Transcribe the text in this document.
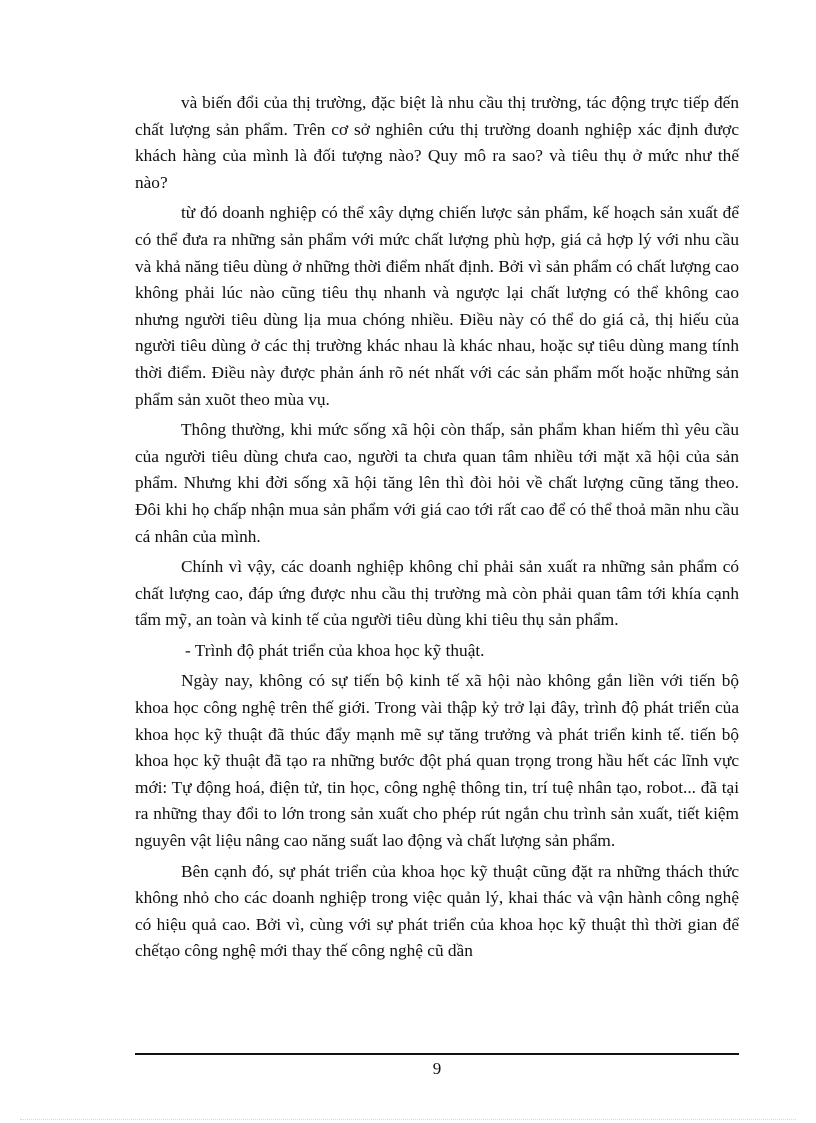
và biến đổi của thị trường, đặc biệt là nhu cầu thị trường, tác động trực tiếp đến chất lượng sản phẩm. Trên cơ sở nghiên cứu thị trường doanh nghiệp xác định được khách hàng của mình là đối tượng nào? Quy mô ra sao? và tiêu thụ ở mức như thế nào?

từ đó doanh nghiệp có thể xây dựng chiến lược sản phẩm, kế hoạch sản xuất để có thể đưa ra những sản phẩm với mức chất lượng phù hợp, giá cả hợp lý với nhu cầu và khả năng tiêu dùng ở những thời điểm nhất định. Bởi vì sản phẩm có chất lượng cao không phải lúc nào cũng tiêu thụ nhanh và ngược lại chất lượng có thể không cao nhưng người tiêu dùng lịa mua chóng nhiều. Điều này có thể do giá cả, thị hiếu của người tiêu dùng ở các thị trường khác nhau là khác nhau, hoặc sự tiêu dùng mang tính thời điểm. Điều này được phản ánh rõ nét nhất với các sản phẩm mốt hoặc những sản phẩm sản xuõt theo mùa vụ.

Thông thường, khi mức sống xã hội còn thấp, sản phẩm khan hiếm thì yêu cầu của người tiêu dùng chưa cao, người ta chưa quan tâm nhiều tới mặt xã hội của sản phẩm. Nhưng khi đời sống xã hội tăng lên thì đòi hỏi về chất lượng cũng tăng theo. Đôi khi họ chấp nhận mua sản phẩm với giá cao tới rất cao để có thể thoả mãn nhu cầu cá nhân của mình.

Chính vì vậy, các doanh nghiệp không chỉ phải sản xuất ra những sản phẩm có chất lượng cao, đáp ứng được nhu cầu thị trường mà còn phải quan tâm tới khía cạnh tẩm mỹ, an toàn và kinh tế của người tiêu dùng khi tiêu thụ sản phẩm.

- Trình độ phát triển của khoa học kỹ thuật.

Ngày nay, không có sự tiến bộ kinh tế xã hội nào không gắn liền với tiến bộ khoa học công nghệ trên thế giới. Trong vài thập kỷ trở lại đây, trình độ phát triển của khoa học kỹ thuật đã thúc đẩy mạnh mẽ sự tăng trưởng và phát triển kinh tế. tiến bộ khoa học kỹ thuật đã tạo ra những bước đột phá quan trọng trong hầu hết các lĩnh vực mới: Tự động hoá, điện tử, tin học, công nghệ thông tin, trí tuệ nhân tạo, robot... đã tại ra những thay đổi to lớn trong sản xuất cho phép rút ngắn chu trình sản xuất, tiết kiệm nguyên vật liệu nâng cao năng suất lao động và chất lượng sản phẩm.

Bên cạnh đó, sự phát triển của khoa học kỹ thuật cũng đặt ra những thách thức không nhỏ cho các doanh nghiệp trong việc quản lý, khai thác và vận hành công nghệ có hiệu quả cao. Bởi vì, cùng với sự phát triển của khoa học kỹ thuật thì thời gian để chếtạo công nghệ mới thay thế công nghệ cũ dần

9
